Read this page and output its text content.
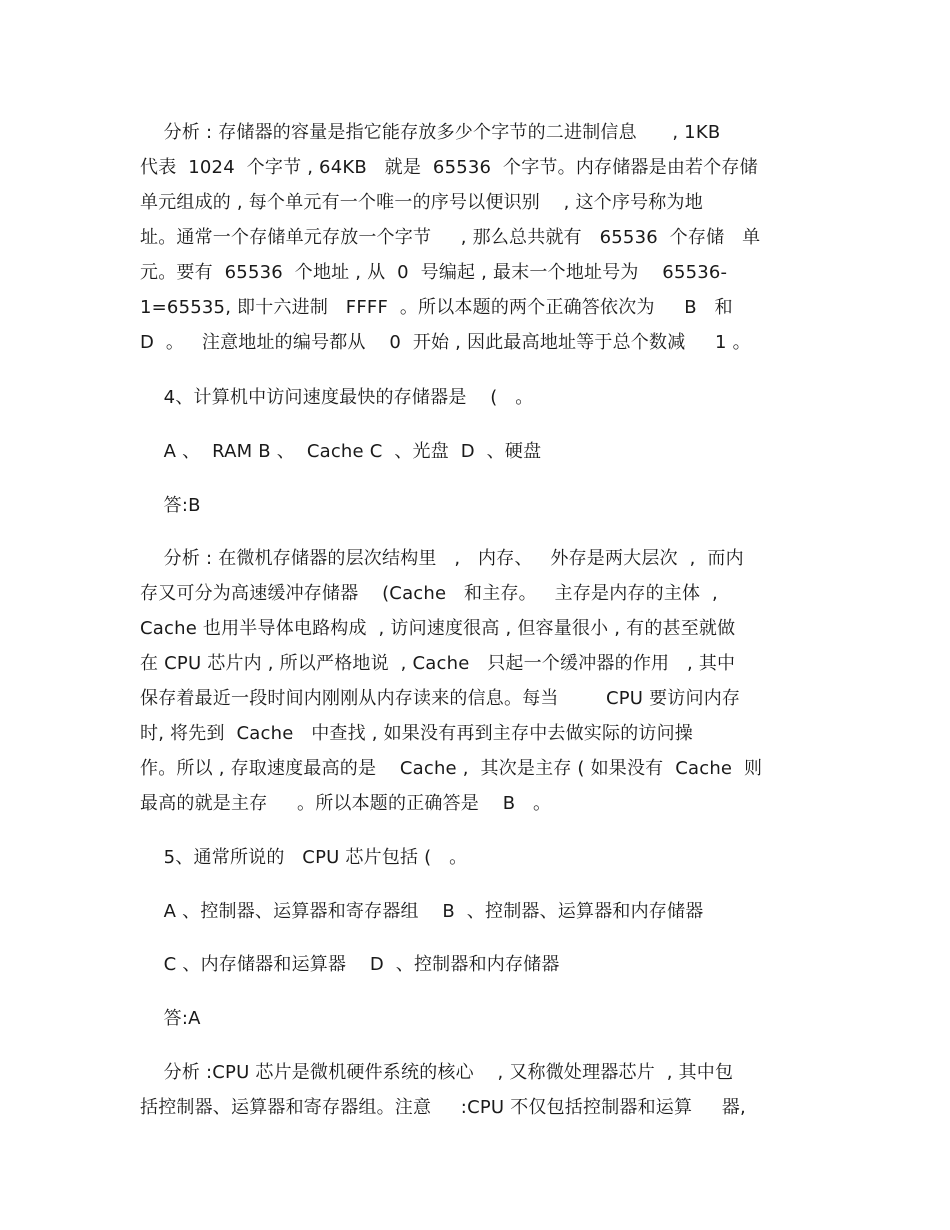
分析 : 存储器的容量是指它能存放多少个字节的二进制信息      , 1KB
代表  1024  个字节 , 64KB   就是  65536  个字节。内存储器是由若个存储
单元组成的 , 每个单元有一个唯一的序号以便识别    , 这个序号称为地
址。通常一个存储单元存放一个字节     , 那么总共就有   65536  个存储   单
元。要有  65536  个地址 , 从  0  号编起 , 最末一个地址号为    65536-
1=65535, 即十六进制   FFFF  。所以本题的两个正确答依次为     B   和
D  。   注意地址的编号都从    0  开始 , 因此最高地址等于总个数减     1 。
4、计算机中访问速度最快的存储器是    (   。
A 、  RAM B 、  Cache C  、光盘  D  、硬盘
答:B
分析 : 在微机存储器的层次结构里   ,   内存、   外存是两大层次  ,  而内
存又可分为高速缓冲存储器    (Cache   和主存。   主存是内存的主体  ,
Cache 也用半导体电路构成  , 访问速度很高 , 但容量很小 , 有的甚至就做
在 CPU 芯片内 , 所以严格地说  , Cache   只起一个缓冲器的作用   , 其中
保存着最近一段时间内刚刚从内存读来的信息。每当        CPU 要访问内存
时, 将先到  Cache   中查找 , 如果没有再到主存中去做实际的访问操
作。所以 , 存取速度最高的是    Cache ,  其次是主存 ( 如果没有  Cache  则
最高的就是主存     。所以本题的正确答是    B   。
5、通常所说的   CPU 芯片包括 (   。
A 、控制器、运算器和寄存器组    B  、控制器、运算器和内存储器
C 、内存储器和运算器    D  、控制器和内存储器
答:A
分析 :CPU 芯片是微机硬件系统的核心    , 又称微处理器芯片  , 其中包
括控制器、运算器和寄存器组。注意     :CPU 不仅包括控制器和运算     器,
